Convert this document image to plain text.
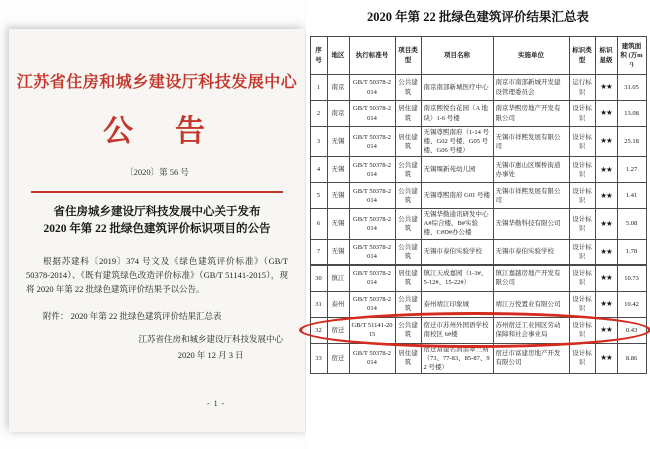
江苏省住房和城乡建设厅科技发展中心
公　告
〔2020〕第 56 号
省住房城乡建设厅科技发展中心关于发布
2020 年第 22 批绿色建筑评价标识项目的公告

根据苏建科〔2019〕374 号文及《绿色建筑评价标准》（GB/T 50378-2014）、《既有建筑绿色改造评价标准》（GB/T 51141-2015），现将 2020 年第 22 批绿色建筑评价结果予以公告。

附件： 2020 年第 22 批绿色建筑评价结果汇总表

江苏省住房和城乡建设厅科技发展中心
2020 年 12 月 3 日
- 1 -
2020 年第 22 批绿色建筑评价结果汇总表
序号	地区	执行标准号	项目类型	项目名称	实施单位	标识类型	标识星级	建筑面积 (万m²)
1	南京	GB/T 50378-2014	公共建筑	南京南部新城医疗中心	南京市南部新城开发建设管理委员会	运行标识	★★	31.05
2	南京	GB/T 50378-2014	居住建筑	南京熙悦台花园（A 地块）1-6 号楼	南京华熙房地产开发有限公司	设计标识	★★	13.08
3	无锡	GB/T 50378-2014	居住建筑	无锡尊熙南府（1-14 号楼、G02 号楼、G05 号楼、G06 号楼）	无锡市祥熙发展有限公司	设计标识	★★	25.18
4	无锡	GB/T 50378-2014	公共建筑	无锡堰新苑幼儿园	无锡市惠山区堰桥街道办事处	设计标识	★★	1.27
5	无锡	GB/T 50378-2014	公共建筑	无锡尊熙南府 G01 号楼	无锡市祥熙发展有限公司	设计标识	★★	1.41
6	无锡	GB/T 50378-2014	公共建筑	无锡华勤通讯研发中心 A#综合楼、B#实验楼、C#D#办公楼	无锡华勤科技有限公司	设计标识	★★	5.08
7	无锡	GB/T 50378-2014	公共建筑	无锡市泰伯实验学校	无锡市泰伯实验学校	设计标识	★★	1.78
30	镇江	GB/T 50378-2014	居住建筑	镇江天成嘉园（1-3#、5-12#、15-22#）	镇江嘉越房地产开发有限公司	设计标识	★★	10.73
31	泰州	GB/T 50378-2014	公共建筑	泰州靖江印象城	靖江万悦置业有限公司	设计标识	★★	10.42
32	宿迁	GB/T 51141-2015	公共建筑	宿迁市苏州外国语学校南校区 6#楼	苏州宿迁工业园区劳动保障和社会事业局	设计标识	★★	0.43
33	宿迁	GB/T 50378-2014	居住建筑	宿迁富建名润翡翠三期（73、77-83、85-87、92 号楼）	宿迁市富建房地产开发有限公司	设计标识	★★	8.86
